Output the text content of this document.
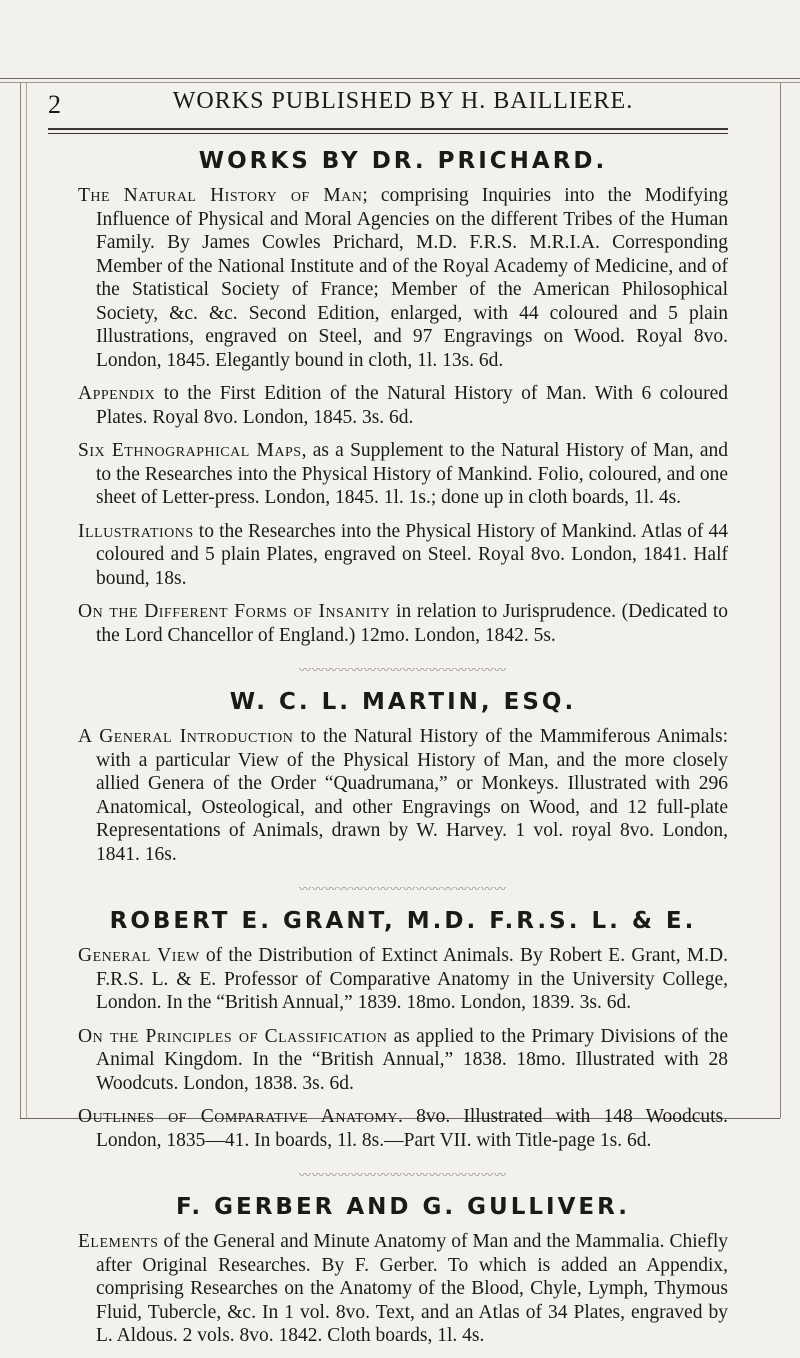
2	WORKS PUBLISHED BY H. BAILLIERE.
WORKS BY DR. PRICHARD.

The Natural History of Man; comprising Inquiries into the Modifying Influence of Physical and Moral Agencies on the different Tribes of the Human Family. By James Cowles Prichard, M.D. F.R.S. M.R.I.A. Corresponding Member of the National Institute and of the Royal Academy of Medicine, and of the Statistical Society of France; Member of the American Philosophical Society, &c. &c. Second Edition, enlarged, with 44 coloured and 5 plain Illustrations, engraved on Steel, and 97 Engravings on Wood. Royal 8vo. London, 1845. Elegantly bound in cloth, 1l. 13s. 6d.

Appendix to the First Edition of the Natural History of Man. With 6 coloured Plates. Royal 8vo. London, 1845. 3s. 6d.

Six Ethnographical Maps, as a Supplement to the Natural History of Man, and to the Researches into the Physical History of Mankind. Folio, coloured, and one sheet of Letter-press. London, 1845. 1l. 1s.; done up in cloth boards, 1l. 4s.

Illustrations to the Researches into the Physical History of Mankind. Atlas of 44 coloured and 5 plain Plates, engraved on Steel. Royal 8vo. London, 1841. Half bound, 18s.

On the Different Forms of Insanity in relation to Jurisprudence. (Dedicated to the Lord Chancellor of England.) 12mo. London, 1842. 5s.

〰〰〰〰〰〰〰〰〰〰〰〰〰〰〰〰
W. C. L. MARTIN, ESQ.

A General Introduction to the Natural History of the Mammiferous Animals: with a particular View of the Physical History of Man, and the more closely allied Genera of the Order “Quadrumana,” or Monkeys. Illustrated with 296 Anatomical, Osteological, and other Engravings on Wood, and 12 full-plate Representations of Animals, drawn by W. Harvey. 1 vol. royal 8vo. London, 1841. 16s.

〰〰〰〰〰〰〰〰〰〰〰〰〰〰〰〰
ROBERT E. GRANT, M.D. F.R.S. L. & E.

General View of the Distribution of Extinct Animals. By Robert E. Grant, M.D. F.R.S. L. & E. Professor of Comparative Anatomy in the University College, London. In the “British Annual,” 1839. 18mo. London, 1839. 3s. 6d.

On the Principles of Classification as applied to the Primary Divisions of the Animal Kingdom. In the “British Annual,” 1838. 18mo. Illustrated with 28 Woodcuts. London, 1838. 3s. 6d.

Outlines of Comparative Anatomy. 8vo. Illustrated with 148 Woodcuts. London, 1835—41. In boards, 1l. 8s.—Part VII. with Title-page 1s. 6d.

〰〰〰〰〰〰〰〰〰〰〰〰〰〰〰〰
F. GERBER AND G. GULLIVER.

Elements of the General and Minute Anatomy of Man and the Mammalia. Chiefly after Original Researches. By F. Gerber. To which is added an Appendix, comprising Researches on the Anatomy of the Blood, Chyle, Lymph, Thymous Fluid, Tubercle, &c. In 1 vol. 8vo. Text, and an Atlas of 34 Plates, engraved by L. Aldous. 2 vols. 8vo. 1842. Cloth boards, 1l. 4s.
